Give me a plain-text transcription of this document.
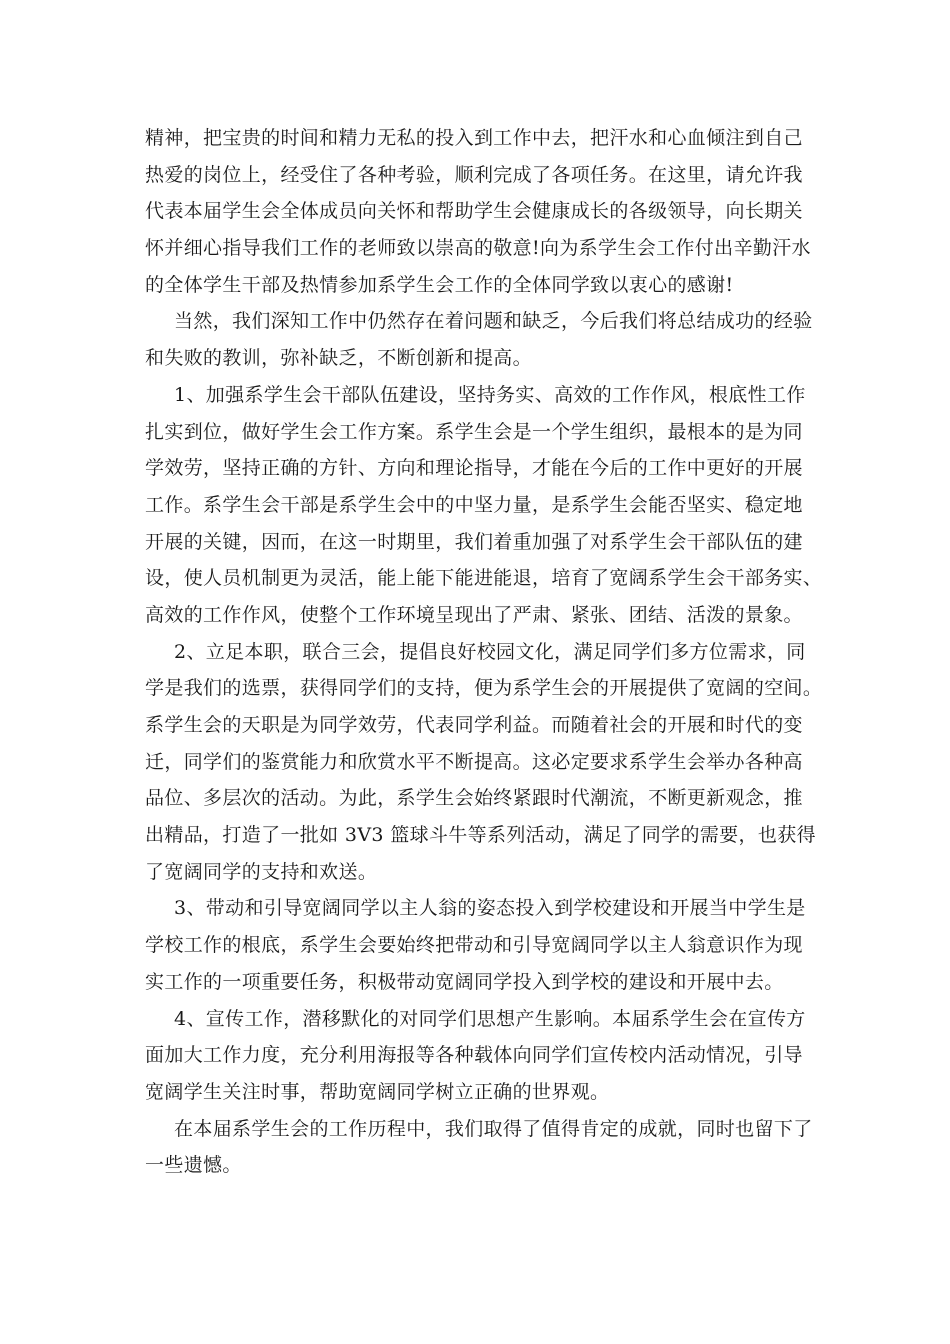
精神，把宝贵的时间和精力无私的投入到工作中去，把汗水和心血倾注到自己
热爱的岗位上，经受住了各种考验，顺利完成了各项任务。在这里，请允许我
代表本届学生会全体成员向关怀和帮助学生会健康成长的各级领导，向长期关
怀并细心指导我们工作的老师致以崇高的敬意!向为系学生会工作付出辛勤汗水
的全体学生干部及热情参加系学生会工作的全体同学致以衷心的感谢!
当然，我们深知工作中仍然存在着问题和缺乏，今后我们将总结成功的经验
和失败的教训，弥补缺乏，不断创新和提高。
1、加强系学生会干部队伍建设，坚持务实、高效的工作作风，根底性工作
扎实到位，做好学生会工作方案。系学生会是一个学生组织，最根本的是为同
学效劳，坚持正确的方针、方向和理论指导，才能在今后的工作中更好的开展
工作。系学生会干部是系学生会中的中坚力量，是系学生会能否坚实、稳定地
开展的关键，因而，在这一时期里，我们着重加强了对系学生会干部队伍的建
设，使人员机制更为灵活，能上能下能进能退，培育了宽阔系学生会干部务实、
高效的工作作风，使整个工作环境呈现出了严肃、紧张、团结、活泼的景象。
2、立足本职，联合三会，提倡良好校园文化，满足同学们多方位需求，同
学是我们的选票，获得同学们的支持，便为系学生会的开展提供了宽阔的空间。
系学生会的天职是为同学效劳，代表同学利益。而随着社会的开展和时代的变
迁，同学们的鉴赏能力和欣赏水平不断提高。这必定要求系学生会举办各种高
品位、多层次的活动。为此，系学生会始终紧跟时代潮流，不断更新观念，推
出精品，打造了一批如 3V3 篮球斗牛等系列活动，满足了同学的需要，也获得
了宽阔同学的支持和欢送。
3、带动和引导宽阔同学以主人翁的姿态投入到学校建设和开展当中学生是
学校工作的根底，系学生会要始终把带动和引导宽阔同学以主人翁意识作为现
实工作的一项重要任务，积极带动宽阔同学投入到学校的建设和开展中去。
4、宣传工作，潜移默化的对同学们思想产生影响。本届系学生会在宣传方
面加大工作力度，充分利用海报等各种载体向同学们宣传校内活动情况，引导
宽阔学生关注时事，帮助宽阔同学树立正确的世界观。
在本届系学生会的工作历程中，我们取得了值得肯定的成就，同时也留下了
一些遗憾。
